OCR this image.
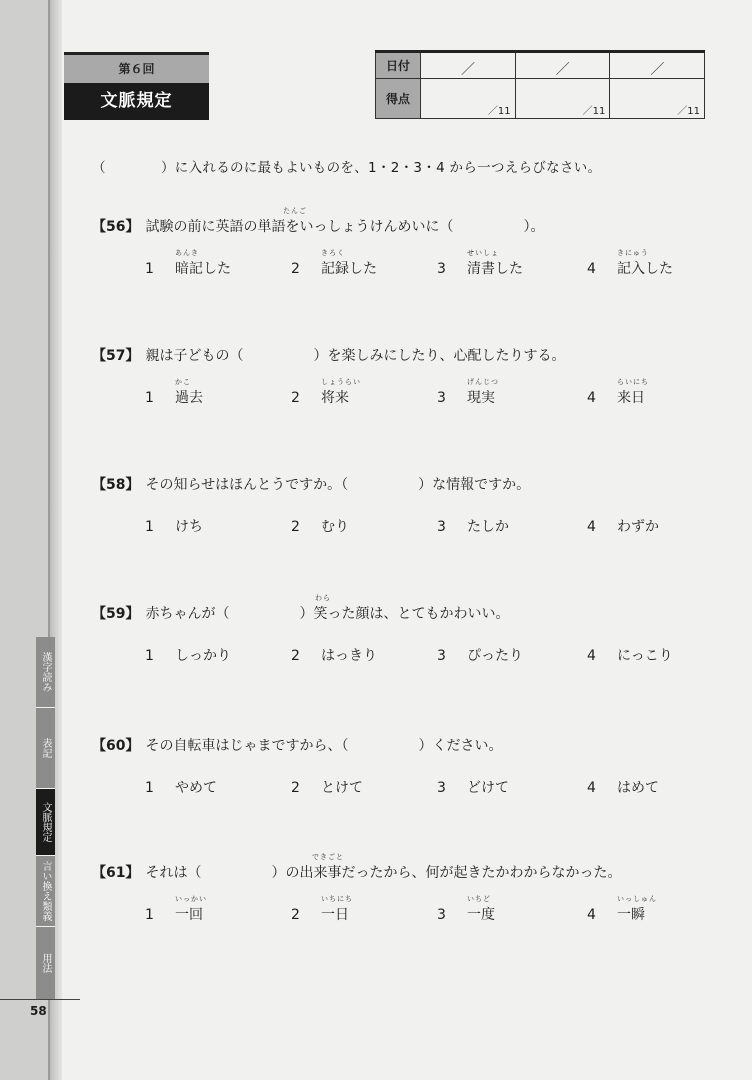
第６回
文脈規定
日付	／	／	／

得点	／11	／11	／11
（　　　　）に入れるのに最もよいものを、1・2・3・4 から一つえらびなさい。
【56】 試験の前に英語の単語をいっしょうけんめいに（　　　　　）。
たんご
1 暗記した
あんき
2 記録した
きろく
3 清書した
せいしょ
4 記入した
きにゅう
【57】 親は子どもの（　　　　　）を楽しみにしたり、心配したりする。
1 過去
かこ
2 将来
しょうらい
3 現実
げんじつ
4 来日
らいにち
【58】 その知らせはほんとうですか。（　　　　　）な情報ですか。
1 けち	2 むり	3 たしか	4 わずか
【59】 赤ちゃんが（　　　　　）笑った顔は、とてもかわいい。
わら
1 しっかり	2 はっきり	3 ぴったり	4 にっこり
【60】 その自転車はじゃまですから、（　　　　　）ください。
1 やめて	2 とけて	3 どけて	4 はめて
【61】 それは（　　　　　）の出来事だったから、何が起きたかわからなかった。
できごと
1 一回
いっかい
2 一日
いちにち
3 一度
いちど
4 一瞬
いっしゅん
漢字読み
表記
文脈規定
言い換え類義
用法
58
